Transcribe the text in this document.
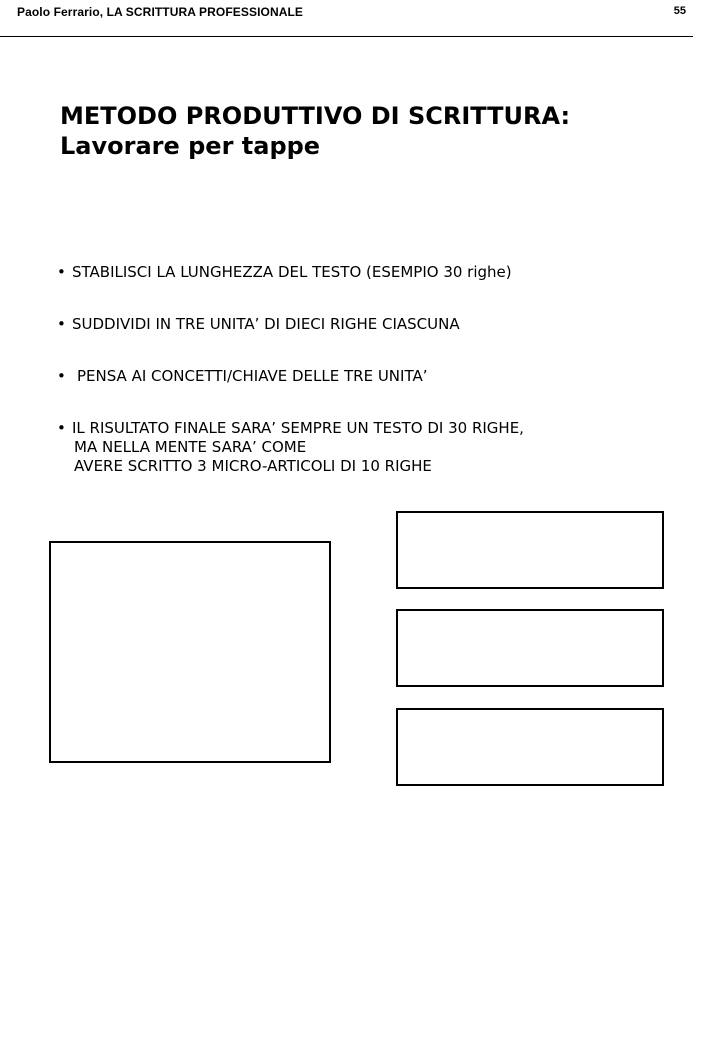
Paolo Ferrario, LA SCRITTURA PROFESSIONALE	55
METODO PRODUTTIVO DI SCRITTURA:
Lavorare per tappe
• STABILISCI LA LUNGHEZZA DEL TESTO (ESEMPIO 30 righe)
• SUDDIVIDI IN TRE UNITA’ DI DIECI RIGHE CIASCUNA
• PENSA AI CONCETTI/CHIAVE DELLE TRE UNITA’
• IL RISULTATO FINALE SARA’ SEMPRE UN TESTO DI 30 RIGHE,
MA NELLA MENTE SARA’ COME
AVERE SCRITTO 3 MICRO-ARTICOLI DI 10 RIGHE
